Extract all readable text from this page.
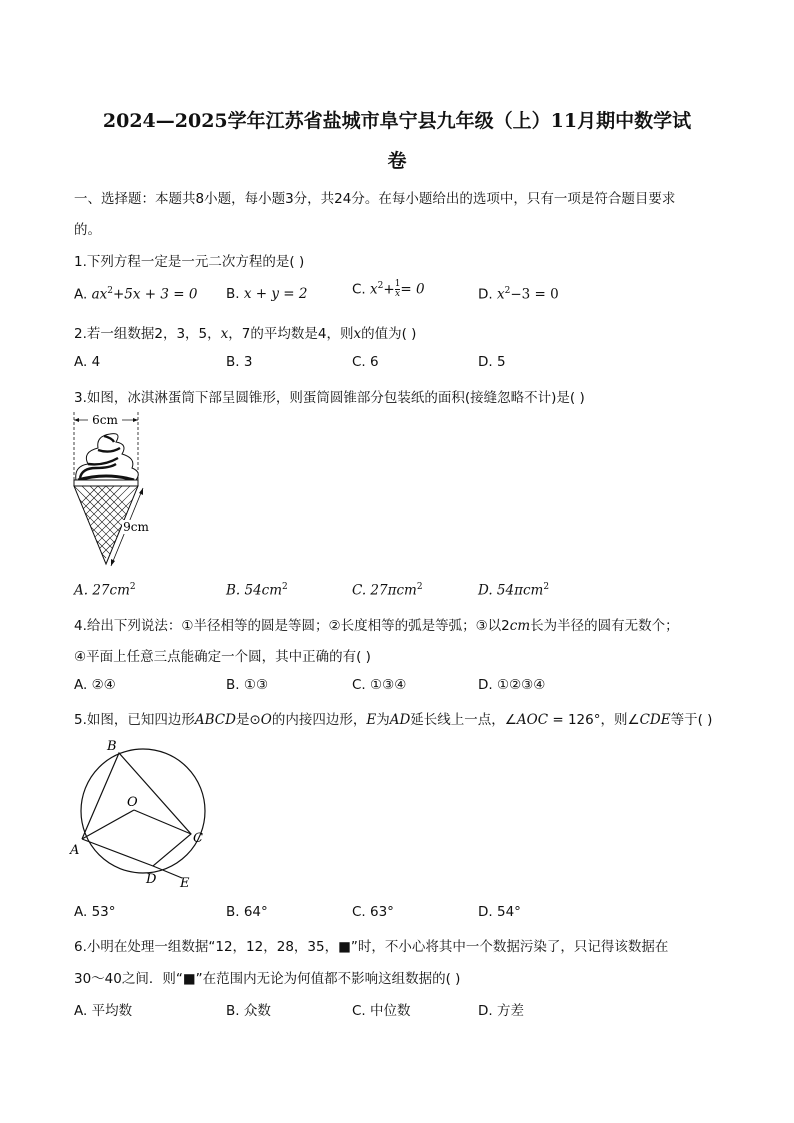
2024—2025学年江苏省盐城市阜宁县九年级（上）11月期中数学试
卷
一、选择题：本题共8小题，每小题3分，共24分。在每小题给出的选项中，只有一项是符合题目要求
的。
1.下列方程一定是一元二次方程的是( )
A. $ax^2+5x + 3 = 0$ B. x + y = 2	C. $x^2+ \frac{1}{x} = 0$	D. $x^2-3 = 0$
2.若一组数据2，3，5，x，7的平均数是4，则x的值为( )
A. 4	B. 3	C. 6	D. 5
3.如图，冰淇淋蛋筒下部呈圆锥形，则蛋筒圆锥部分包装纸的面积(接缝忽略不计)是( )
6cm
9cm
A. $27cm^2$	B. $54cm^2$	C. 27πcm$^2$	D. 54πcm$^2$
4.给出下列说法：①半径相等的圆是等圆；②长度相等的弧是等弧；③以2cm长为半径的圆有无数个；
④平面上任意三点能确定一个圆，其中正确的有( )
A. ②④	B. ①③	C. ①③④	D. ①②③④
5.如图，已知四边形ABCD是⊙O的内接四边形，E为AD延长线上一点，∠AOC = 126°，则∠CDE等于( )
B
O
C
A
D E
A. 53°	B. 64°	C. 63°	D. 54°
6.小明在处理一组数据“12，12，28，35，■”时，不小心将其中一个数据污染了，只记得该数据在
30～40之间．则“■”在范围内无论为何值都不影响这组数据的( )
A. 平均数	B. 众数	C. 中位数	D. 方差
